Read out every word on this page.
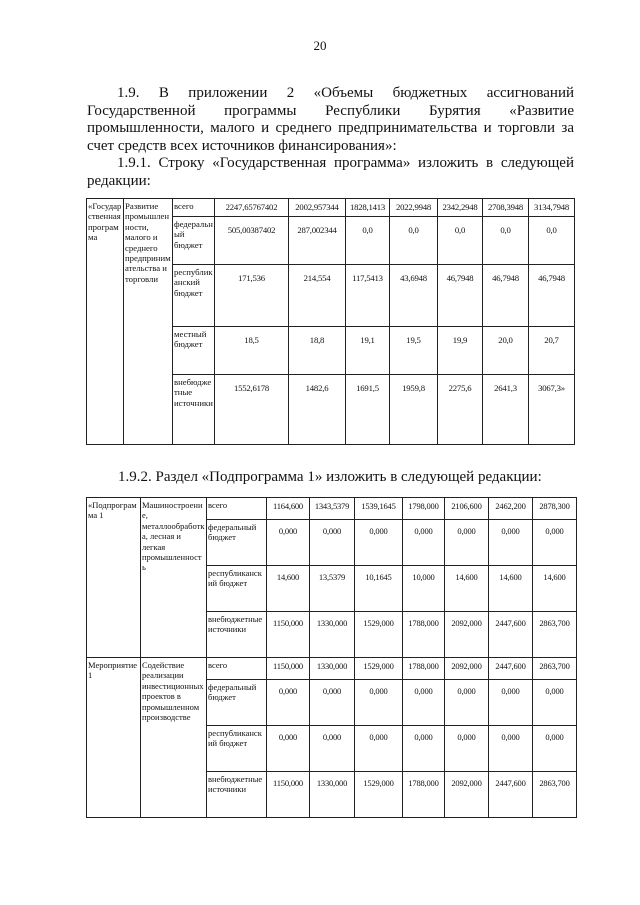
20

1.9. В приложении 2 «Объемы бюджетных ассигнований Государственной программы Республики Бурятия «Развитие промышленности, малого и среднего предпринимательства и торговли за счет средств всех источников финансирования»:

1.9.1. Строку «Государственная программа» изложить в следующей редакции:

1.9.2. Раздел «Подпрограмма 1» изложить в следующей редакции:

«Государственная программа	Развитие промышленности, малого и среднего предпринимательства и торговли	всего	2247,65767402	2002,957344	1828,1413	2022,9948	2342,2948	2708,3948	3134,7948
		федеральный бюджет	505,00387402	287,002344	0,0	0,0	0,0	0,0	0,0
		республиканский бюджет	171,536	214,554	117,5413	43,6948	46,7948	46,7948	46,7948
		местный бюджет	18,5	18,8	19,1	19,5	19,9	20,0	20,7
		внебюджетные источники	1552,6178	1482,6	1691,5	1959,8	2275,6	2641,3	3067,3»
«Подпрограмма 1	Машиностроение, металлообработка, лесная и легкая промышленность	всего	1164,600	1343,5379	1539,1645	1798,000	2106,600	2462,200	2878,300
		федеральный бюджет	0,000	0,000	0,000	0,000	0,000	0,000	0,000
		республиканский бюджет	14,600	13,5379	10,1645	10,000	14,600	14,600	14,600
		внебюджетные источники	1150,000	1330,000	1529,000	1788,000	2092,000	2447,600	2863,700
Мероприятие 1	Содействие реализации инвестиционных проектов в промышленном производстве	всего	1150,000	1330,000	1529,000	1788,000	2092,000	2447,600	2863,700
		федеральный бюджет	0,000	0,000	0,000	0,000	0,000	0,000	0,000
		республиканский бюджет	0,000	0,000	0,000	0,000	0,000	0,000	0,000
		внебюджетные источники	1150,000	1330,000	1529,000	1788,000	2092,000	2447,600	2863,700
